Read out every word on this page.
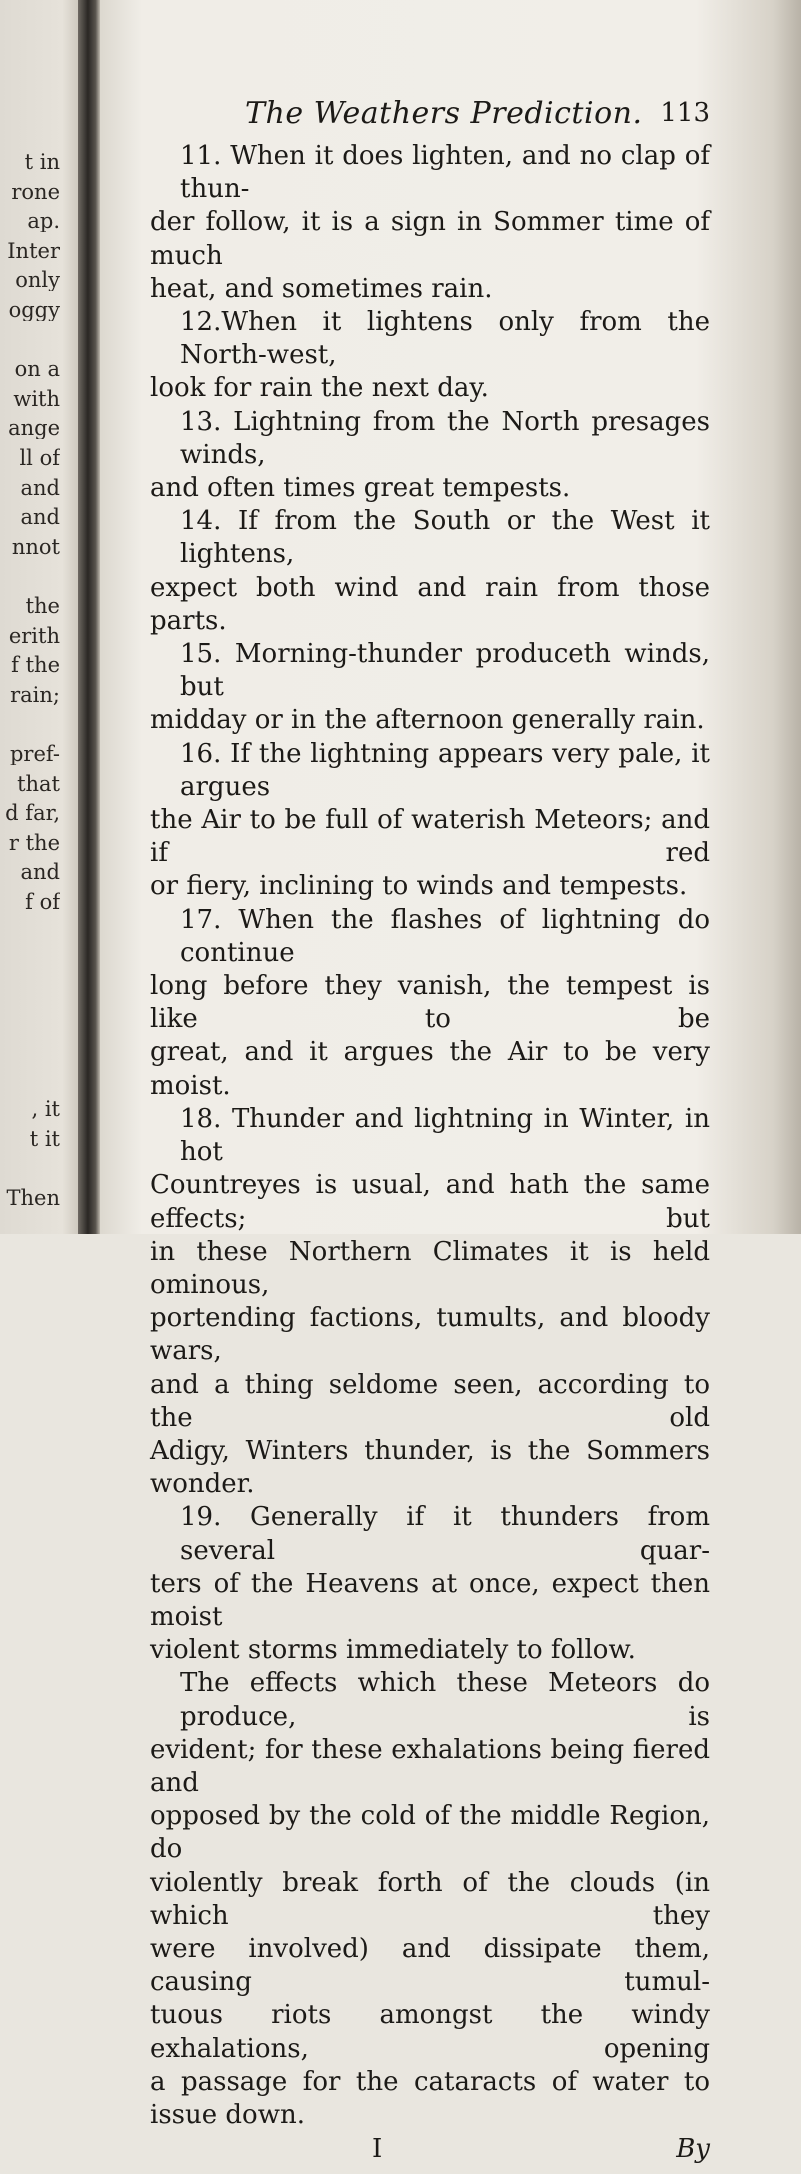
t in
rone
ap.
Inter
only
oggy
on a
with
ange
ll of
and
and
nnot
the
erith
f the
rain;
pref-
that
d far,
r the
and
f of
, it
t it
Then
The Weathers Prediction. 113
11. When it does lighten, and no clap of thun-
der follow, it is a sign in Sommer time of much
heat, and sometimes rain.
12.When it lightens only from the North-west,
look for rain the next day.
13. Lightning from the North presages winds,
and often times great tempests.
14. If from the South or the West it lightens,
expect both wind and rain from those parts.
15. Morning-thunder produceth winds, but
midday or in the afternoon generally rain.
16. If the lightning appears very pale, it argues
the Air to be full of waterish Meteors; and if red
or fiery, inclining to winds and tempests.
17. When the flashes of lightning do continue
long before they vanish, the tempest is like to be
great, and it argues the Air to be very moist.
18. Thunder and lightning in Winter, in hot
Countreyes is usual, and hath the same effects; but
in these Northern Climates it is held ominous,
portending factions, tumults, and bloody wars,
and a thing seldome seen, according to the old
Adigy, Winters thunder, is the Sommers wonder.
19. Generally if it thunders from several quar-
ters of the Heavens at once, expect then moist
violent storms immediately to follow.
The effects which these Meteors do produce, is
evident; for these exhalations being fiered and
opposed by the cold of the middle Region, do
violently break forth of the clouds (in which they
were involved) and dissipate them, causing tumul-
tuous riots amongst the windy exhalations, opening
a passage for the cataracts of water to issue down.
I	By
